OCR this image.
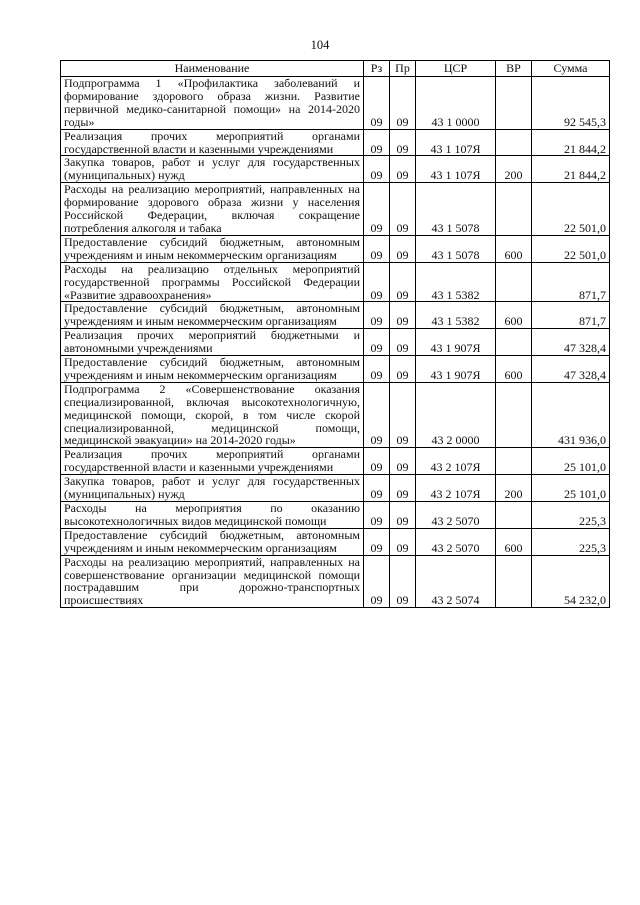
104
Наименование	Рз	Пр	ЦСР	ВР	Сумма
Подпрограмма 1 «Профилактика заболеваний и формирование здорового образа жизни. Развитие первичной медико-санитарной помощи» на 2014-2020 годы»	09	09	43 1 0000		92 545,3
Реализация прочих мероприятий органами государственной власти и казенными учреждениями	09	09	43 1 107Я		21 844,2
Закупка товаров, работ и услуг для государственных (муниципальных) нужд	09	09	43 1 107Я	200	21 844,2
Расходы на реализацию мероприятий, направленных на формирование здорового образа жизни у населения Российской Федерации, включая сокращение потребления алкоголя и табака	09	09	43 1 5078		22 501,0
Предоставление субсидий бюджетным, автономным учреждениям и иным некоммерческим организациям	09	09	43 1 5078	600	22 501,0
Расходы на реализацию отдельных мероприятий государственной программы Российской Федерации «Развитие здравоохранения»	09	09	43 1 5382		871,7
Предоставление субсидий бюджетным, автономным учреждениям и иным некоммерческим организациям	09	09	43 1 5382	600	871,7
Реализация прочих мероприятий бюджетными и автономными учреждениями	09	09	43 1 907Я		47 328,4
Предоставление субсидий бюджетным, автономным учреждениям и иным некоммерческим организациям	09	09	43 1 907Я	600	47 328,4
Подпрограмма 2 «Совершенствование оказания специализированной, включая высокотехнологичную, медицинской помощи, скорой, в том числе скорой специализированной, медицинской помощи, медицинской эвакуации» на 2014-2020 годы»	09	09	43 2 0000		431 936,0
Реализация прочих мероприятий органами государственной власти и казенными учреждениями	09	09	43 2 107Я		25 101,0
Закупка товаров, работ и услуг для государственных (муниципальных) нужд	09	09	43 2 107Я	200	25 101,0
Расходы на мероприятия по оказанию высокотехнологичных видов медицинской помощи	09	09	43 2 5070		225,3
Предоставление субсидий бюджетным, автономным учреждениям и иным некоммерческим организациям	09	09	43 2 5070	600	225,3
Расходы на реализацию мероприятий, направленных на совершенствование организации медицинской помощи пострадавшим при дорожно-транспортных происшествиях	09	09	43 2 5074		54 232,0
